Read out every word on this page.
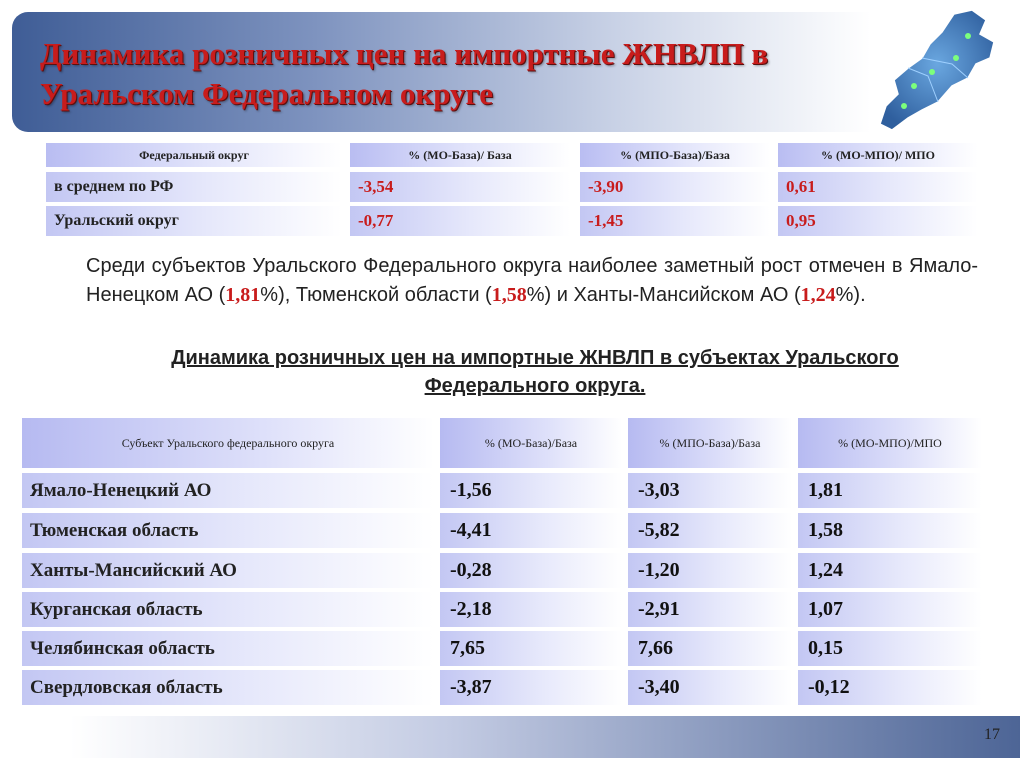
Динамика розничных цен на импортные ЖНВЛП в Уральском Федеральном округе
Федеральный округ	% (МО-База)/ База	% (МПО-База)/База	% (МО-МПО)/ МПО
в среднем по РФ	-3,54	-3,90	0,61
Уральский округ	-0,77	-1,45	0,95

Среди субъектов Уральского Федерального округа наиболее заметный рост отмечен в Ямало-Ненецком АО (1,81%), Тюменской области (1,58%) и Ханты-Мансийском АО (1,24%).

Динамика розничных цен на импортные ЖНВЛП в субъектах Уральского Федерального округа.

Субъект Уральского федерального округа	% (МО-База)/База	% (МПО-База)/База	% (МО-МПО)/МПО
Ямало-Ненецкий АО	-1,56	-3,03	1,81
Тюменская область	-4,41	-5,82	1,58
Ханты-Мансийский АО	-0,28	-1,20	1,24
Курганская область	-2,18	-2,91	1,07
Челябинская область	7,65	7,66	0,15
Свердловская область	-3,87	-3,40	-0,12
17
